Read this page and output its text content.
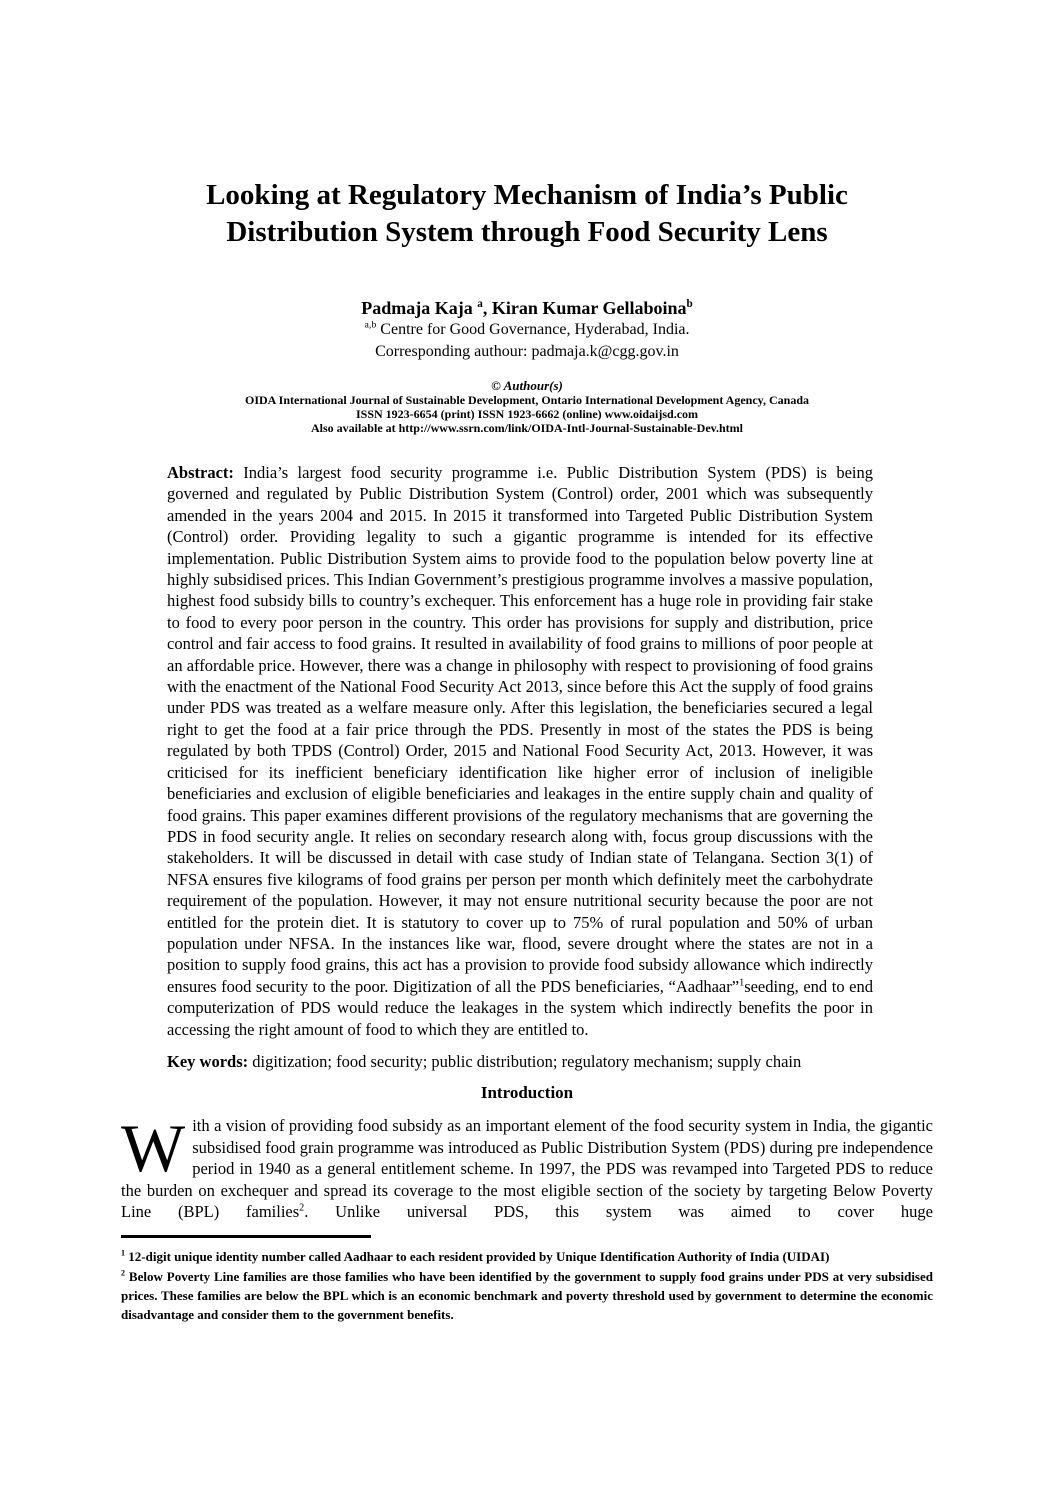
Looking at Regulatory Mechanism of India’s Public
Distribution System through Food Security Lens

Padmaja Kaja $^a$, Kiran Kumar Gellaboina$^b$

$^{a,b}$ Centre for Good Governance, Hyderabad, India.

Corresponding authour: padmaja.k@cgg.gov.in

© Authour(s)

OIDA International Journal of Sustainable Development, Ontario International Development Agency, Canada

ISSN 1923-6654 (print) ISSN 1923-6662 (online) www.oidaijsd.com

Also available at http://www.ssrn.com/link/OIDA-Intl-Journal-Sustainable-Dev.html

Abstract: India’s largest food security programme i.e. Public Distribution System (PDS) is being governed and regulated by Public Distribution System (Control) order, 2001 which was subsequently amended in the years 2004 and 2015. In 2015 it transformed into Targeted Public Distribution System (Control) order. Providing legality to such a gigantic programme is intended for its effective implementation. Public Distribution System aims to provide food to the population below poverty line at highly subsidised prices. This Indian Government’s prestigious programme involves a massive population, highest food subsidy bills to country’s exchequer. This enforcement has a huge role in providing fair stake to food to every poor person in the country. This order has provisions for supply and distribution, price control and fair access to food grains. It resulted in availability of food grains to millions of poor people at an affordable price. However, there was a change in philosophy with respect to provisioning of food grains with the enactment of the National Food Security Act 2013, since before this Act the supply of food grains under PDS was treated as a welfare measure only. After this legislation, the beneficiaries secured a legal right to get the food at a fair price through the PDS. Presently in most of the states the PDS is being regulated by both TPDS (Control) Order, 2015 and National Food Security Act, 2013. However, it was criticised for its inefficient beneficiary identification like higher error of inclusion of ineligible beneficiaries and exclusion of eligible beneficiaries and leakages in the entire supply chain and quality of food grains. This paper examines different provisions of the regulatory mechanisms that are governing the PDS in food security angle. It relies on secondary research along with, focus group discussions with the stakeholders. It will be discussed in detail with case study of Indian state of Telangana. Section 3(1) of NFSA ensures five kilograms of food grains per person per month which definitely meet the carbohydrate requirement of the population. However, it may not ensure nutritional security because the poor are not entitled for the protein diet. It is statutory to cover up to 75% of rural population and 50% of urban population under NFSA. In the instances like war, flood, severe drought where the states are not in a position to supply food grains, this act has a provision to provide food subsidy allowance which indirectly ensures food security to the poor. Digitization of all the PDS beneficiaries, “Aadhaar”$^1$seeding, end to end computerization of PDS would reduce the leakages in the system which indirectly benefits the poor in accessing the right amount of food to which they are entitled to.

Key words: digitization; food security; public distribution; regulatory mechanism; supply chain

Introduction

With a vision of providing food subsidy as an important element of the food security system in India, the gigantic subsidised food grain programme was introduced as Public Distribution System (PDS) during pre independence period in 1940 as a general entitlement scheme. In 1997, the PDS was revamped into Targeted PDS to reduce the burden on exchequer and spread its coverage to the most eligible section of the society by targeting Below Poverty Line (BPL) families$^2$. Unlike universal PDS, this system was aimed to cover huge

$^1$ 12-digit unique identity number called Aadhaar to each resident provided by Unique Identification Authority of India (UIDAI)

$^2$ Below Poverty Line families are those families who have been identified by the government to supply food grains under PDS at very subsidised prices. These families are below the BPL which is an economic benchmark and poverty threshold used by government to determine the economic disadvantage and consider them to the government benefits.
